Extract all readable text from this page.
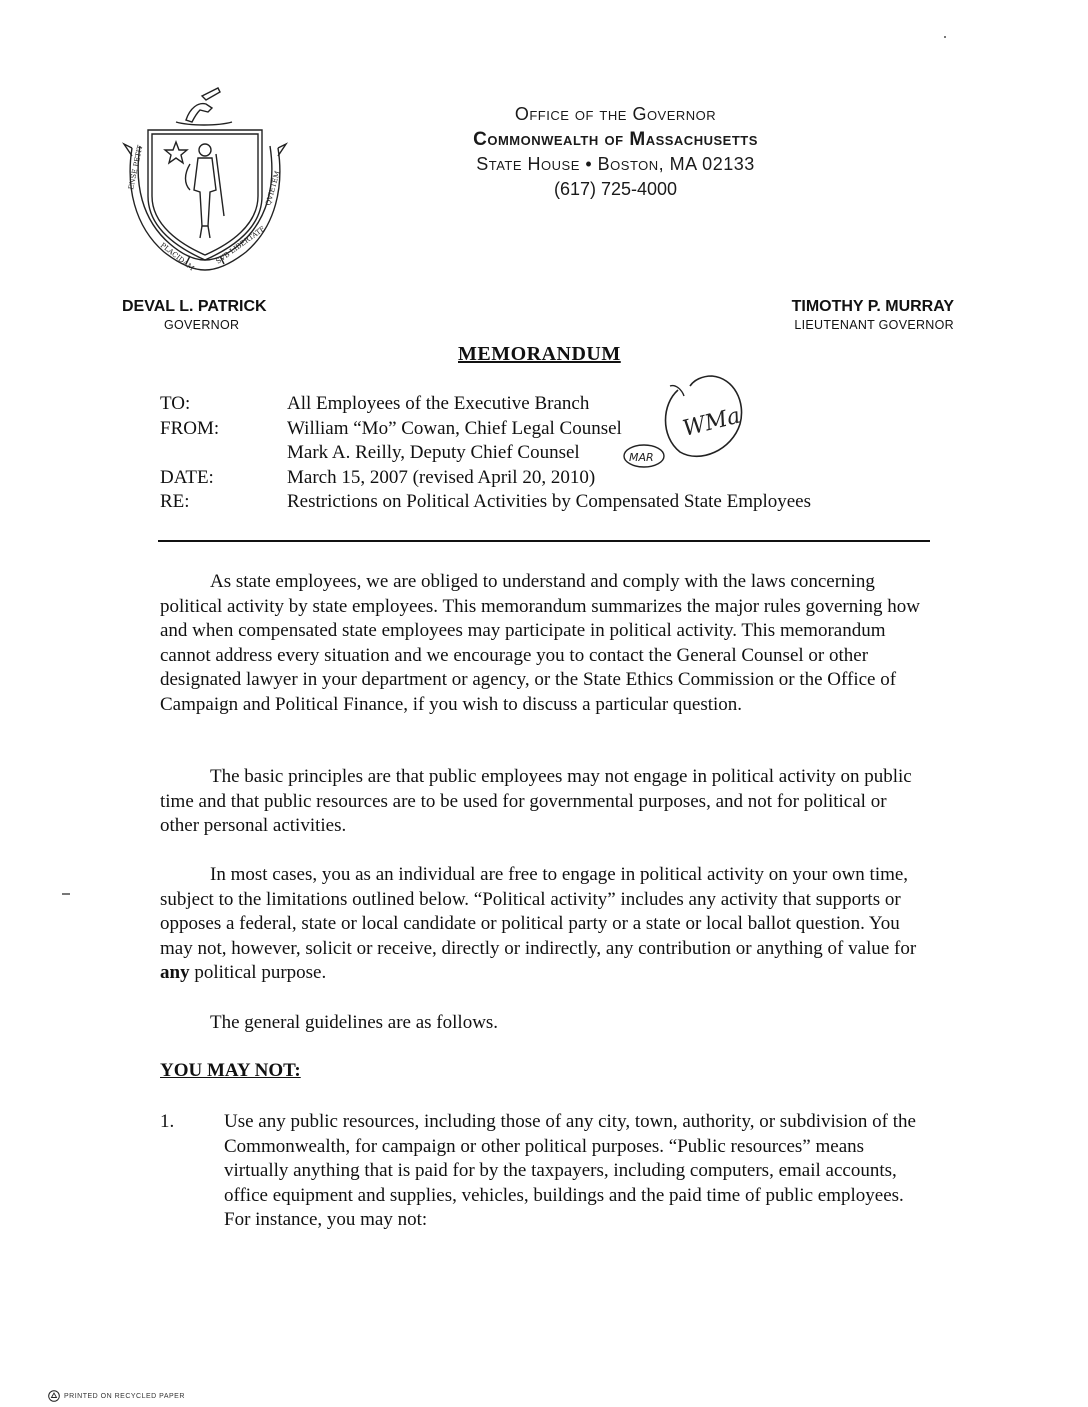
ENSE PETIT
PLACIDAM	SVB LIBERTATE
QVIETEM
Office of the Governor
Commonwealth of Massachusetts
State House • Boston, MA 02133
(617) 725-4000
DEVAL L. PATRICK
GOVERNOR
TIMOTHY P. MURRAY
LIEUTENANT GOVERNOR
MEMORANDUM
TO:	All Employees of the Executive Branch
FROM:	William “Mo” Cowan, Chief Legal Counsel
Mark A. Reilly, Deputy Chief Counsel
DATE:	March 15, 2007 (revised April 20, 2010)
RE:	Restrictions on Political Activities by Compensated State Employees
WMa
MAR

As state employees, we are obliged to understand and comply with the laws concerning political activity by state employees. This memorandum summarizes the major rules governing how and when compensated state employees may participate in political activity. This memorandum cannot address every situation and we encourage you to contact the General Counsel or other designated lawyer in your department or agency, or the State Ethics Commission or the Office of Campaign and Political Finance, if you wish to discuss a particular question.

The basic principles are that public employees may not engage in political activity on public time and that public resources are to be used for governmental purposes, and not for political or other personal activities.

In most cases, you as an individual are free to engage in political activity on your own time, subject to the limitations outlined below. “Political activity” includes any activity that supports or opposes a federal, state or local candidate or political party or a state or local ballot question. You may not, however, solicit or receive, directly or indirectly, any contribution or anything of value for any political purpose.

The general guidelines are as follows.

YOU MAY NOT:
1.	Use any public resources, including those of any city, town, authority, or subdivision of the Commonwealth, for campaign or other political purposes. “Public resources” means virtually anything that is paid for by the taxpayers, including computers, email accounts, office equipment and supplies, vehicles, buildings and the paid time of public employees. For instance, you may not:
PRINTED ON RECYCLED PAPER
